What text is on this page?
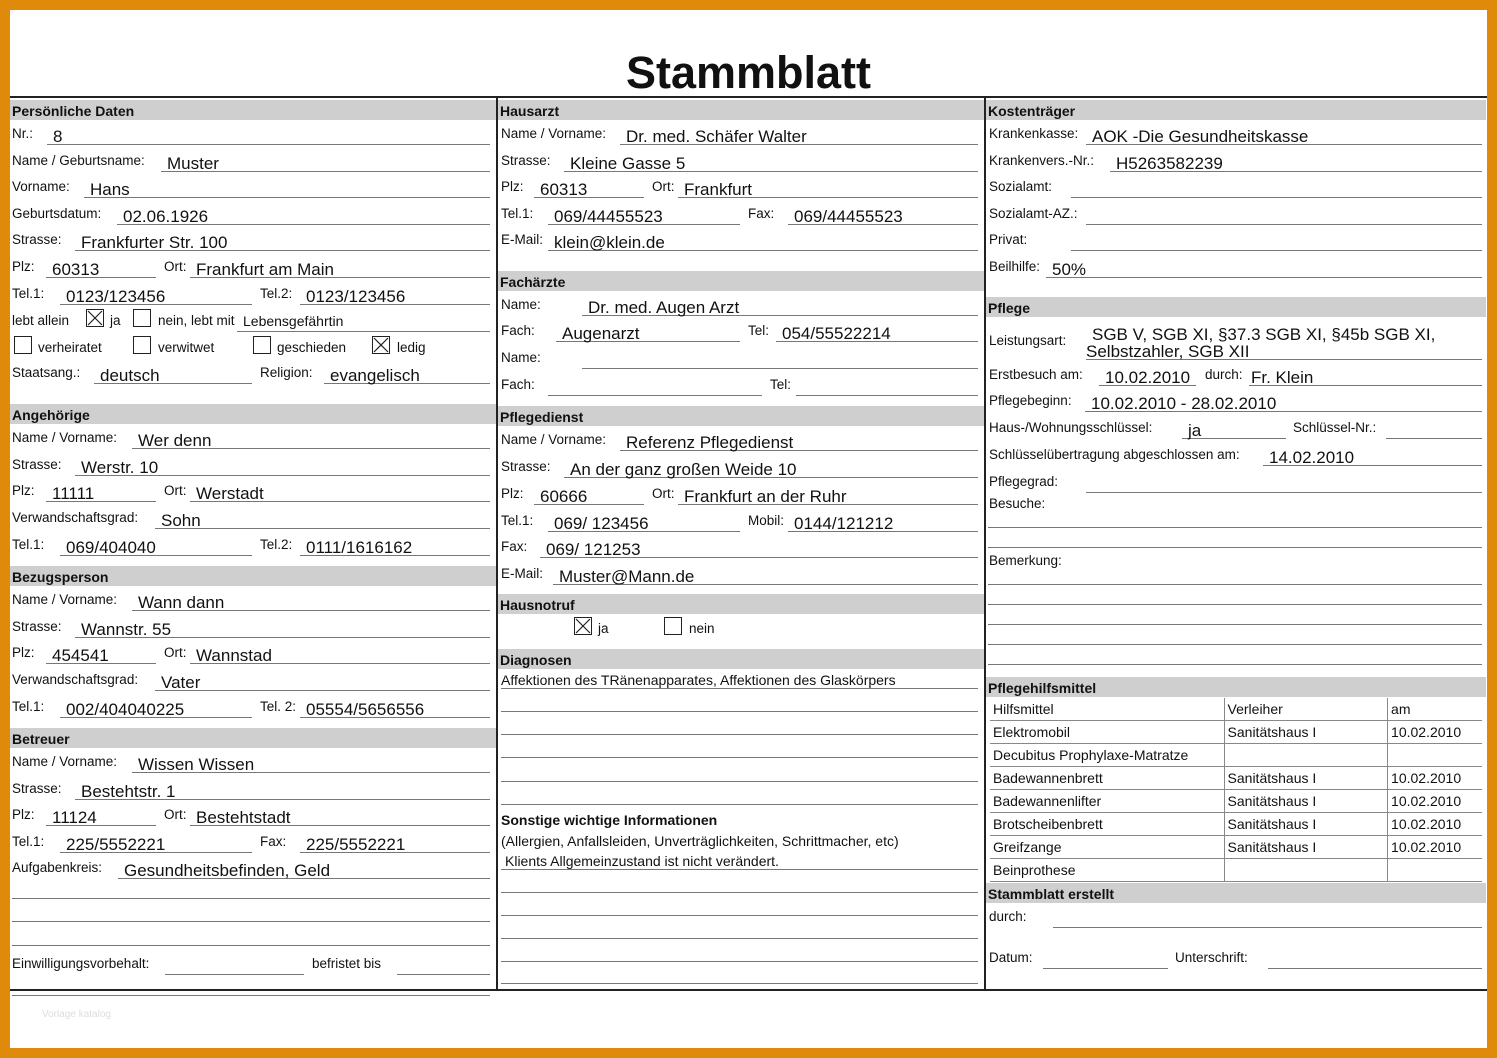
Stammblatt
Persönliche Daten
Nr.: 8
Name / Geburtsname: Muster
Vorname: Hans
Geburtsdatum: 02.06.1926
Strasse: Frankfurter Str. 100
Plz: 60313	Ort: Frankfurt am Main
Tel.1: 0123/123456	Tel.2: 0123/123456
lebt allein	ja	nein, lebt mit Lebensgefährtin
verheiratet	verwitwet	geschieden	ledig
Staatsang.: deutsch	Religion: evangelisch
Angehörige
Name / Vorname: Wer denn
Strasse: Werstr. 10
Plz: 11111	Ort: Werstadt
Verwandschaftsgrad: Sohn
Tel.1: 069/404040	Tel.2: 0111/1616162
Bezugsperson
Name / Vorname: Wann dann
Strasse: Wannstr. 55
Plz: 454541	Ort: Wannstad
Verwandschaftsgrad: Vater
Tel.1: 002/404040225	Tel. 2: 05554/5656556
Betreuer
Name / Vorname: Wissen Wissen
Strasse: Bestehtstr. 1
Plz: 11124	Ort: Bestehtstadt
Tel.1: 225/5552221	Fax: 225/5552221
Aufgabenkreis: Gesundheitsbefinden, Geld
Einwilligungsvorbehalt:	befristet bis
Hausarzt
Name / Vorname: Dr. med. Schäfer Walter
Strasse: Kleine Gasse 5
Plz: 60313	Ort: Frankfurt
Tel.1: 069/44455523	Fax: 069/44455523
E-Mail: klein@klein.de
Fachärzte
Name:	Dr. med. Augen Arzt
Fach: Augenarzt	Tel: 054/55522214
Name:
Fach:	Tel:
Pflegedienst
Name / Vorname: Referenz Pflegedienst
Strasse: An der ganz großen Weide 10
Plz: 60666	Ort: Frankfurt an der Ruhr
Tel.1: 069/ 123456	Mobil: 0144/121212
Fax: 069/ 121253
E-Mail: Muster@Mann.de
Hausnotruf
ja	nein
Diagnosen
Affektionen des TRänenapparates, Affektionen des Glaskörpers
Sonstige wichtige Informationen
(Allergien, Anfallsleiden, Unverträglichkeiten, Schrittmacher, etc)
Klients Allgemeinzustand ist nicht verändert.
Kostenträger
Krankenkasse: AOK -Die Gesundheitskasse
Krankenvers.-Nr.: H5263582239
Sozialamt:
Sozialamt-AZ.:
Privat:
Beilhilfe: 50%
Pflege
Leistungsart: SGB V, SGB XI, §37.3 SGB XI, §45b SGB XI,
Selbstzahler, SGB XII
Erstbesuch am: 10.02.2010 durch: Fr. Klein
Pflegebeginn: 10.02.2010 - 28.02.2010
Haus-/Wohnungsschlüssel: ja	Schlüssel-Nr.:
Schlüsselübertragung abgeschlossen am: 14.02.2010
Pflegegrad:
Besuche:
Bemerkung:
Pflegehilfsmittel
Hilfsmittel	Verleiher	am
Elektromobil	Sanitätshaus I	10.02.2010
Decubitus Prophylaxe-Matratze		
Badewannenbrett	Sanitätshaus I	10.02.2010
Badewannenlifter	Sanitätshaus I	10.02.2010
Brotscheibenbrett	Sanitätshaus I	10.02.2010
Greifzange	Sanitätshaus I	10.02.2010
Beinprothese		
Stammblatt erstellt
durch:
Datum:	Unterschrift:
Vorlage katalog
